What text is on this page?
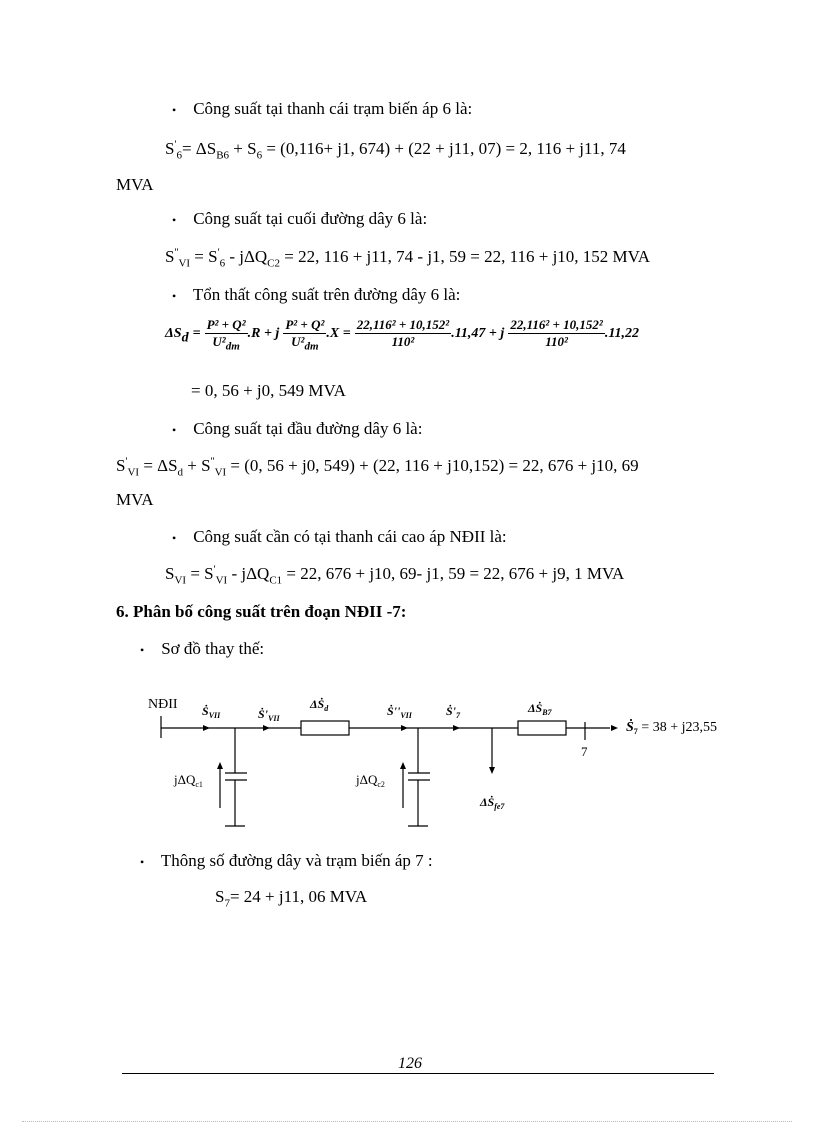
• Công suất tại thanh cái trạm biến áp 6 là:
$S'_6= \Delta S_{B6} + S_6 = (0,116+ j1$, 674) + (22 + j11, 07) = 2, 116 + j11, 74
MVA
• Công suất tại cuối đường dây 6 là:
$S''_{VI} = S'_6 - j\Delta Q_{C2} = 22$, 116 + j11, 74 - j1, 59 = 22, 116 + j10, 152 MVA
• Tổn thất công suất trên đường dây 6 là:
$\Delta S_d = \frac{\text{P² + Q²}}{U^2_{dm}} .R + j \frac{\text{P² + Q²}}{U^2_{dm}} .X = \frac{\text{22,116² + 10,152²}}{\text{110²}} .11,47 + j \frac{\text{22,116² + 10,152²}}{\text{110²}} .11,22$
= 0, 56 + j0, 549 MVA
• Công suất tại đầu đường dây 6 là:
$S'_{VI} = \Delta S_d + S''_{VI} = (0$, 56 + j0, 549) + (22, 116 + j10,152) = 22, 676 + j10, 69
MVA
• Công suất cần có tại thanh cái cao áp NĐII là:
$S_{VI} = S'_{VI} - j\Delta Q_{C1} = 22$, 676 + j10, 69- j1, 59 = 22, 676 + j9, 1 MVA
6. Phân bố công suất trên đoạn NĐII -7:
• Sơ đồ thay thế:
NĐII Ṡ$_{VII}$	$Ṡ'_{VII}$
ΔṠ$_d$	$Ṡ''_{VII}$	$Ṡ'_7$
ΔṠ$_{B7}$
Ṡ$_7$ = 38 + j23,55
7
jΔQ$_{c1}$	jΔQ$_{c2}$
ΔṠ$_{fe7}$
• Thông số đường dây và trạm biến áp 7 :
$S_7= 24 + j11$, 06 MVA
126
